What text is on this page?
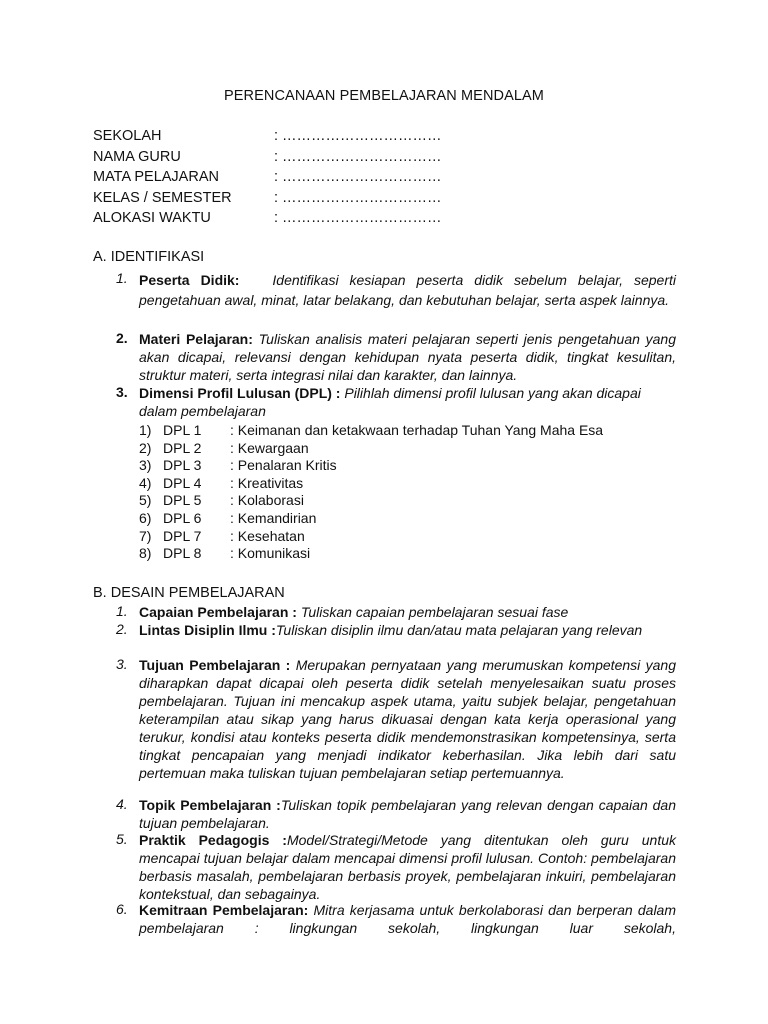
PERENCANAAN PEMBELAJARAN MENDALAM
SEKOLAH	: ……………………………
NAMA GURU	: ……………………………
MATA PELAJARAN	: ……………………………
KELAS / SEMESTER	: ……………………………
ALOKASI WAKTU	: ……………………………
A. IDENTIFIKASI
1. Peserta Didik: Identifikasi kesiapan peserta didik sebelum belajar, seperti pengetahuan awal, minat, latar belakang, dan kebutuhan belajar, serta aspek lainnya.
2. Materi Pelajaran: Tuliskan analisis materi pelajaran seperti jenis pengetahuan yang akan dicapai, relevansi dengan kehidupan nyata peserta didik, tingkat kesulitan, struktur materi, serta integrasi nilai dan karakter, dan lainnya.
3. Dimensi Profil Lulusan (DPL) : Pilihlah dimensi profil lulusan yang akan dicapai dalam pembelajaran
1) DPL 1 : Keimanan dan ketakwaan terhadap Tuhan Yang Maha Esa
2) DPL 2 : Kewargaan
3) DPL 3 : Penalaran Kritis
4) DPL 4 : Kreativitas
5) DPL 5 : Kolaborasi
6) DPL 6 : Kemandirian
7) DPL 7 : Kesehatan
8) DPL 8 : Komunikasi
B. DESAIN PEMBELAJARAN
1. Capaian Pembelajaran : Tuliskan capaian pembelajaran sesuai fase
2. Lintas Disiplin Ilmu :Tuliskan disiplin ilmu dan/atau mata pelajaran yang relevan
3. Tujuan Pembelajaran : Merupakan pernyataan yang merumuskan kompetensi yang diharapkan dapat dicapai oleh peserta didik setelah menyelesaikan suatu proses pembelajaran. Tujuan ini mencakup aspek utama, yaitu subjek belajar, pengetahuan keterampilan atau sikap yang harus dikuasai dengan kata kerja operasional yang terukur, kondisi atau konteks peserta didik mendemonstrasikan kompetensinya, serta tingkat pencapaian yang menjadi indikator keberhasilan. Jika lebih dari satu pertemuan maka tuliskan tujuan pembelajaran setiap pertemuannya.
4. Topik Pembelajaran :Tuliskan topik pembelajaran yang relevan dengan capaian dan tujuan pembelajaran.
5. Praktik Pedagogis :Model/Strategi/Metode yang ditentukan oleh guru untuk mencapai tujuan belajar dalam mencapai dimensi profil lulusan. Contoh: pembelajaran berbasis masalah, pembelajaran berbasis proyek, pembelajaran inkuiri, pembelajaran kontekstual, dan sebagainya.
6. Kemitraan Pembelajaran: Mitra kerjasama untuk berkolaborasi dan berperan dalam pembelajaran : lingkungan sekolah, lingkungan luar sekolah,
